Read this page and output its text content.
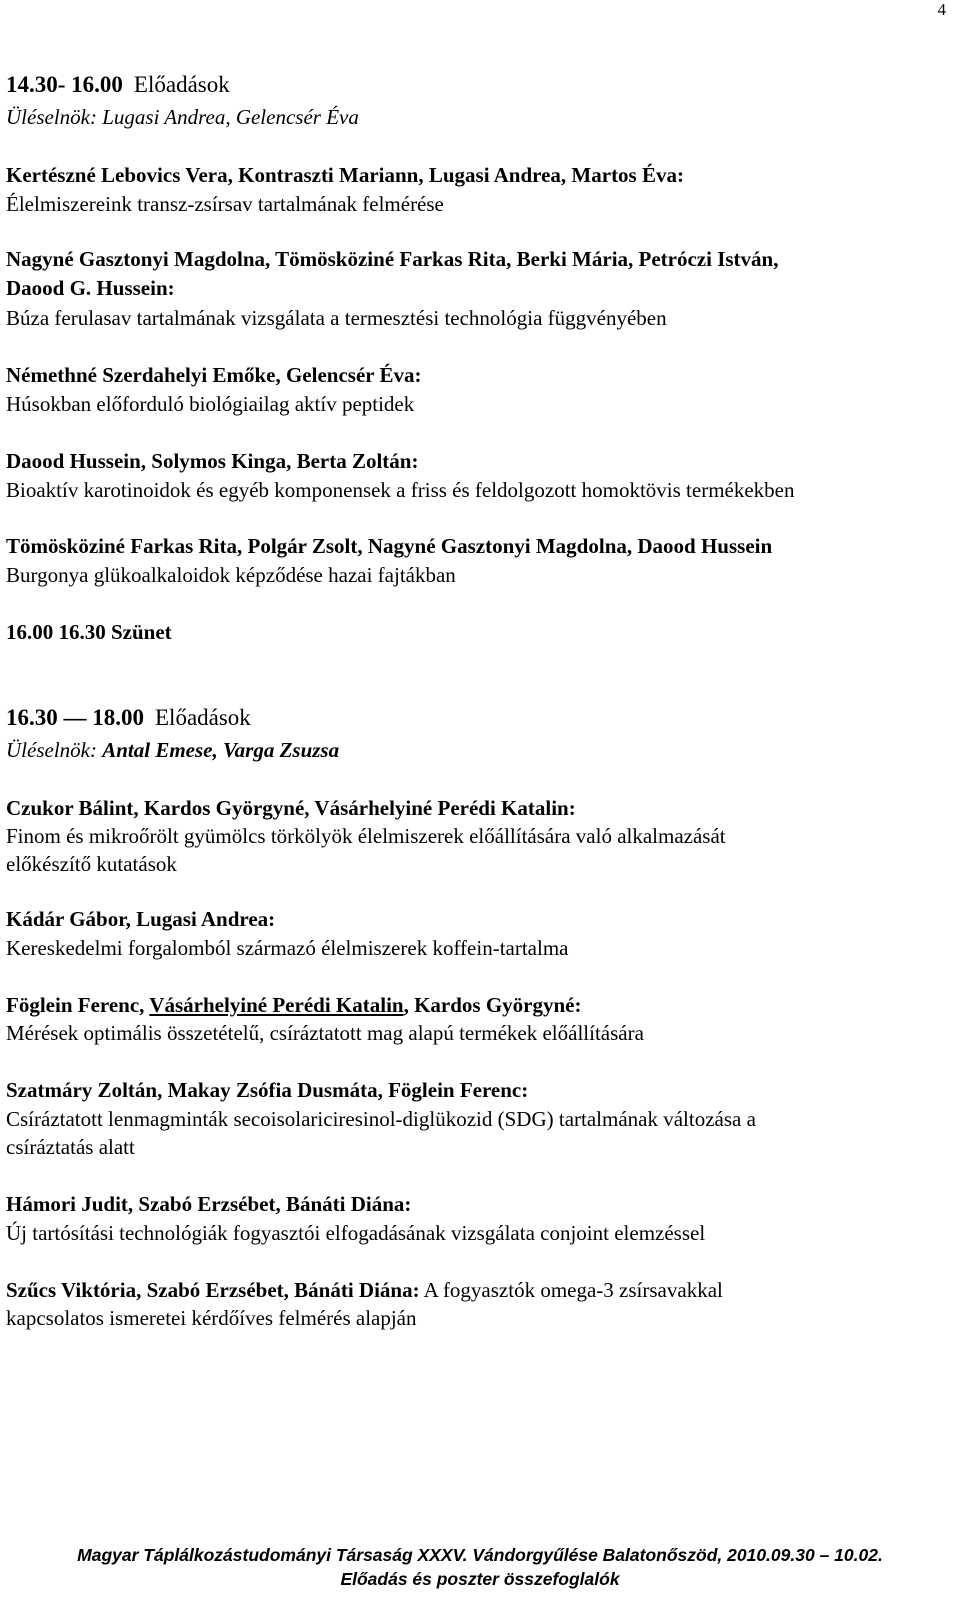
4
14.30- 16.00 Előadások
Üléselnök: Lugasi Andrea, Gelencsér Éva
Kertészné Lebovics Vera, Kontraszti Mariann, Lugasi Andrea, Martos Éva:
Élelmiszereink transz-zsírsav tartalmának felmérése
Nagyné Gasztonyi Magdolna, Tömösköziné Farkas Rita, Berki Mária, Petróczi István,
Daood G. Hussein:
Búza ferulasav tartalmának vizsgálata a termesztési technológia függvényében
Némethné Szerdahelyi Emőke, Gelencsér Éva:
Húsokban előforduló biológiailag aktív peptidek
Daood Hussein, Solymos Kinga, Berta Zoltán:
Bioaktív karotinoidok és egyéb komponensek a friss és feldolgozott homoktövis termékekben
Tömösköziné Farkas Rita, Polgár Zsolt, Nagyné Gasztonyi Magdolna, Daood Hussein
Burgonya glükoalkaloidok képződése hazai fajtákban
16.00 16.30 Szünet
16.30 — 18.00 Előadások
Üléselnök: Antal Emese, Varga Zsuzsa
Czukor Bálint, Kardos Györgyné, Vásárhelyiné Perédi Katalin:
Finom és mikroőrölt gyümölcs törkölyök élelmiszerek előállítására való alkalmazását
előkészítő kutatások
Kádár Gábor, Lugasi Andrea:
Kereskedelmi forgalomból származó élelmiszerek koffein-tartalma
Föglein Ferenc, Vásárhelyiné Perédi Katalin, Kardos Györgyné:
Mérések optimális összetételű, csíráztatott mag alapú termékek előállítására
Szatmáry Zoltán, Makay Zsófia Dusmáta, Föglein Ferenc:
Csíráztatott lenmagminták secoisolariciresinol-diglükozid (SDG) tartalmának változása a
csíráztatás alatt
Hámori Judit, Szabó Erzsébet, Bánáti Diána:
Új tartósítási technológiák fogyasztói elfogadásának vizsgálata conjoint elemzéssel
Szűcs Viktória, Szabó Erzsébet, Bánáti Diána: A fogyasztók omega-3 zsírsavakkal
kapcsolatos ismeretei kérdőíves felmérés alapján
Magyar Táplálkozástudományi Társaság XXXV. Vándorgyűlése Balatonőszöd, 2010.09.30 – 10.02.
Előadás és poszter összefoglalók
